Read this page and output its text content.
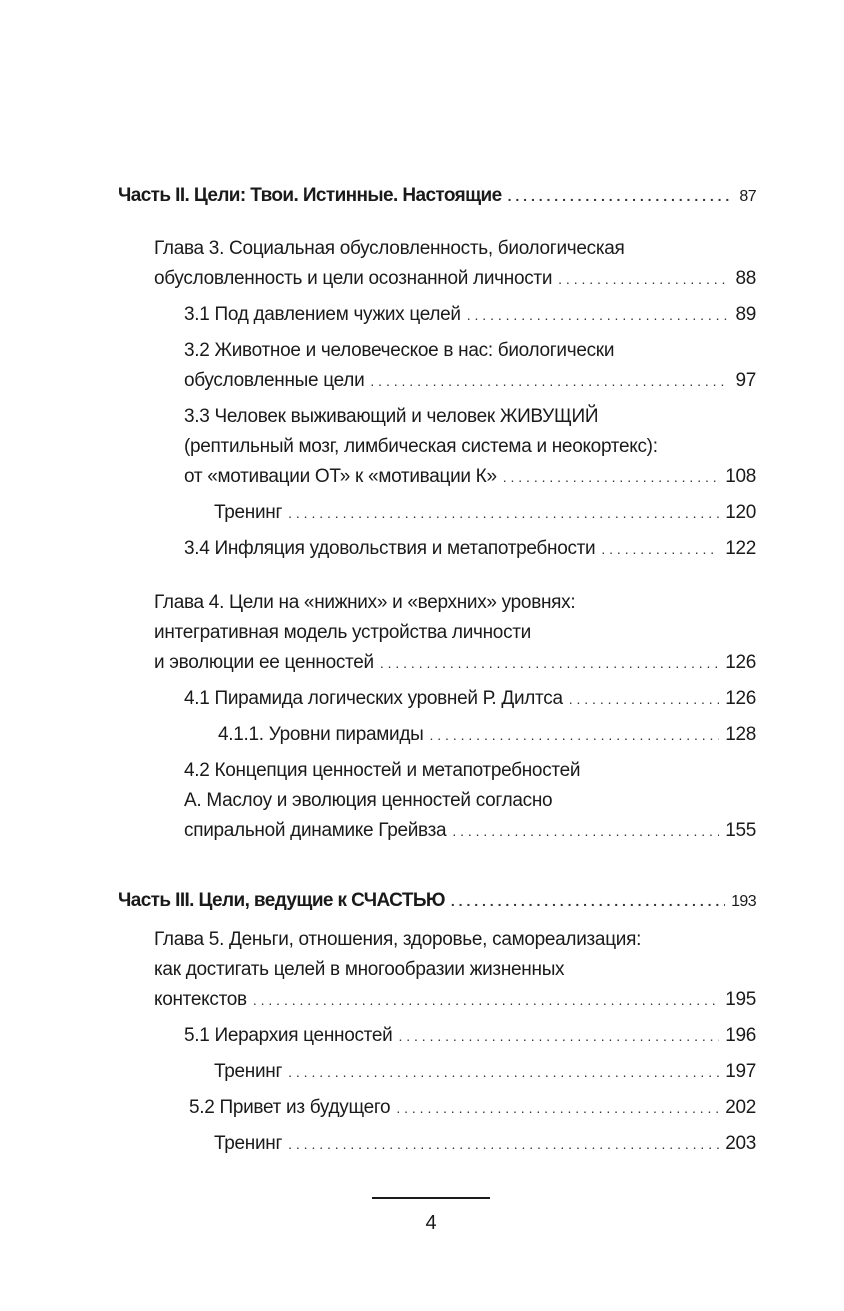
Часть II. Цели: Твои. Истинные. Настоящие . . .	87
Глава 3. Социальная обусловленность, биологическая
обусловленность и цели осознанной личности . . .	88
3.1 Под давлением чужих целей . . .	89
3.2 Животное и человеческое в нас: биологически
обусловленные цели . . .	97
3.3 Человек выживающий и человек ЖИВУЩИЙ
(рептильный мозг, лимбическая система и неокортекс):
от «мотивации ОТ» к «мотивации К» . . .	108
Тренинг . . .	120
3.4 Инфляция удовольствия и метапотребности . . .	122
Глава 4. Цели на «нижних» и «верхних» уровнях:
интегративная модель устройства личности
и эволюции ее ценностей . . .	126
4.1 Пирамида логических уровней Р. Дилтса . . .	126
4.1.1. Уровни пирамиды . . .	128
4.2 Концепция ценностей и метапотребностей
А. Маслоу и эволюция ценностей согласно
спиральной динамике Грейвза . . .	155
Часть III. Цели, ведущие к СЧАСТЬЮ . . .	193
Глава 5. Деньги, отношения, здоровье, самореализация:
как достигать целей в многообразии жизненных
контекстов . . .	195
5.1 Иерархия ценностей . . .	196
Тренинг . . .	197
5.2 Привет из будущего . . .	202
Тренинг . . .	203
4
